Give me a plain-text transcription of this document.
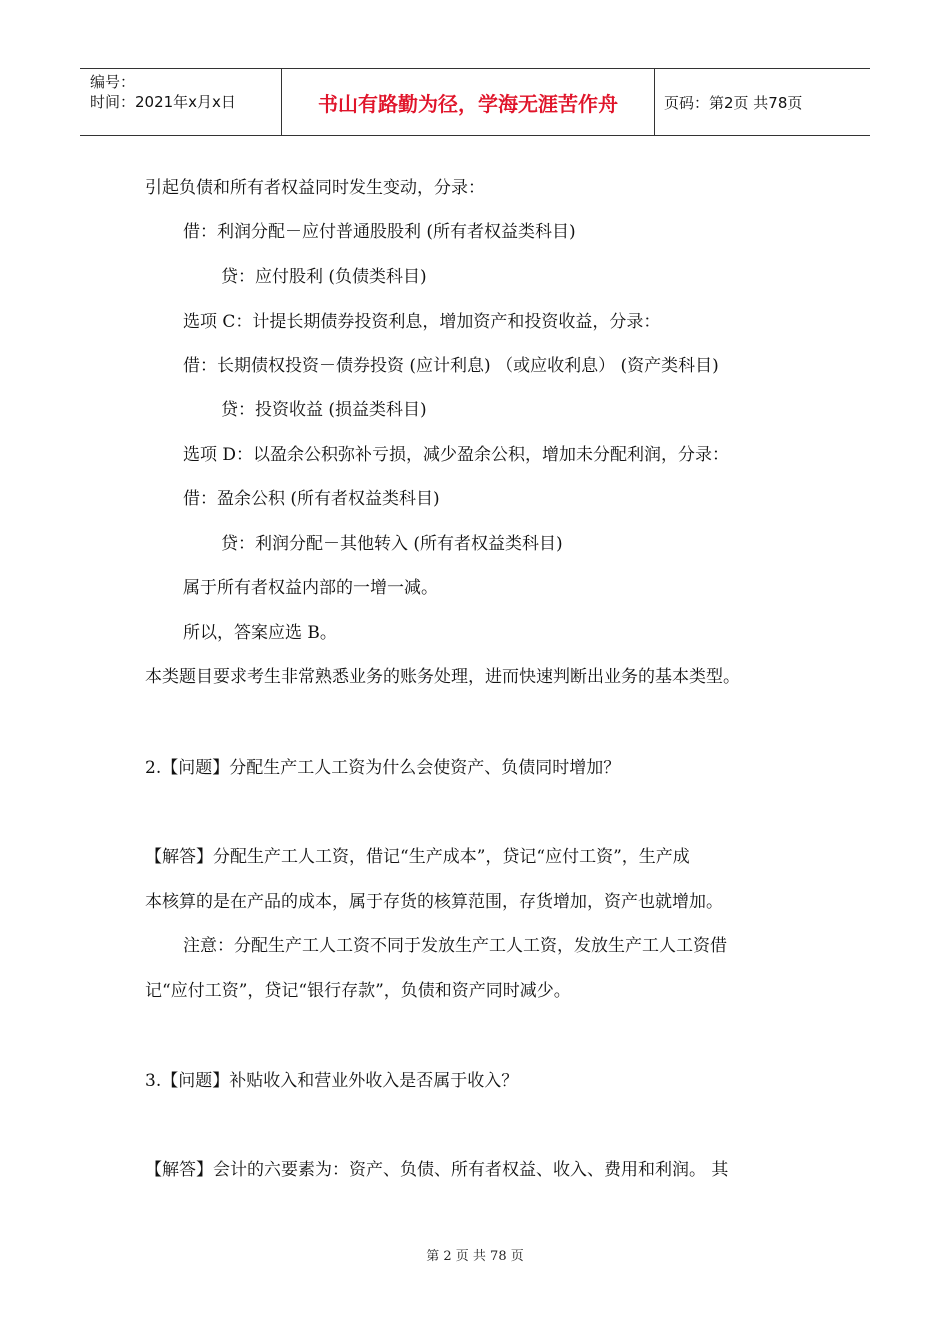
编号：
时间：2021年x月x日	书山有路勤为径，学海无涯苦作舟	页码：第2页 共78页
引起负债和所有者权益同时发生变动，分录：
借：利润分配－应付普通股股利 (所有者权益类科目)
贷：应付股利 (负债类科目)
选项 C：计提长期债券投资利息，增加资产和投资收益，分录：
借：长期债权投资－债券投资 (应计利息) （或应收利息） (资产类科目)
贷：投资收益 (损益类科目)
选项 D：以盈余公积弥补亏损，减少盈余公积，增加未分配利润，分录：
借：盈余公积 (所有者权益类科目)
贷：利润分配－其他转入 (所有者权益类科目)
属于所有者权益内部的一增一减。
所以，答案应选 B。
本类题目要求考生非常熟悉业务的账务处理，进而快速判断出业务的基本类型。
2.【问题】分配生产工人工资为什么会使资产、负债同时增加？
【解答】分配生产工人工资，借记“生产成本”，贷记“应付工资”，生产成
本核算的是在产品的成本，属于存货的核算范围，存货增加，资产也就增加。
注意：分配生产工人工资不同于发放生产工人工资，发放生产工人工资借
记“应付工资”，贷记“银行存款”，负债和资产同时减少。
3.【问题】补贴收入和营业外收入是否属于收入？
【解答】会计的六要素为：资产、负债、所有者权益、收入、费用和利润。 其
第 2 页 共 78 页
